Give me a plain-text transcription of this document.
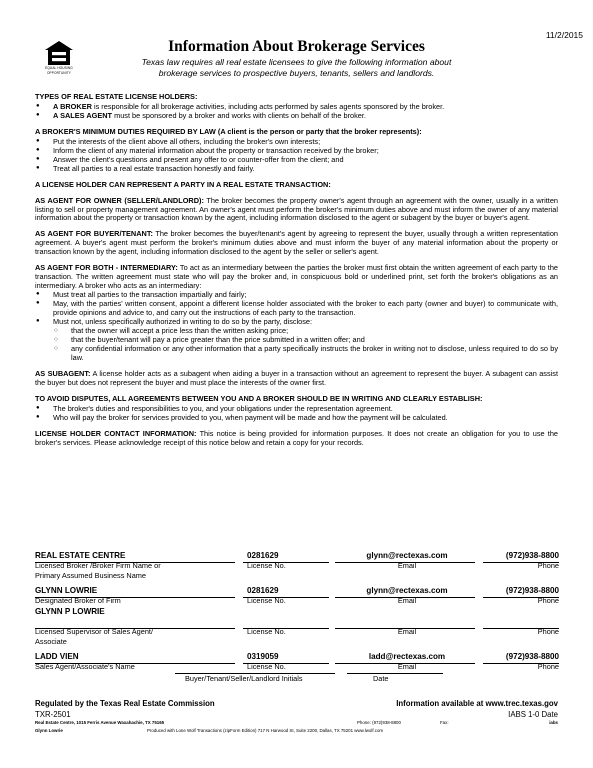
11/2/2015
EQUAL HOUSING
OPPORTUNITY
Information About Brokerage Services
Texas law requires all real estate licensees to give the following information about
brokerage services to prospective buyers, tenants, sellers and landlords.
TYPES OF REAL ESTATE LICENSE HOLDERS:
● A BROKER is responsible for all brokerage activities, including acts performed by sales agents sponsored by the broker.
● A SALES AGENT must be sponsored by a broker and works with clients on behalf of the broker.
A BROKER'S MINIMUM DUTIES REQUIRED BY LAW (A client is the person or party that the broker represents):
● Put the interests of the client above all others, including the broker's own interests;
● Inform the client of any material information about the property or transaction received by the broker;
● Answer the client's questions and present any offer to or counter-offer from the client; and
● Treat all parties to a real estate transaction honestly and fairly.
A LICENSE HOLDER CAN REPRESENT A PARTY IN A REAL ESTATE TRANSACTION:
AS AGENT FOR OWNER (SELLER/LANDLORD): The broker becomes the property owner's agent through an agreement with the owner, usually in a written listing to sell or property management agreement. An owner's agent must perform the broker's minimum duties above and must inform the owner of any material information about the property or transaction known by the agent, including information disclosed to the agent or subagent by the buyer or buyer's agent.
AS AGENT FOR BUYER/TENANT: The broker becomes the buyer/tenant's agent by agreeing to represent the buyer, usually through a written representation agreement. A buyer's agent must perform the broker's minimum duties above and must inform the buyer of any material information about the property or transaction known by the agent, including information disclosed to the agent by the seller or seller's agent.
AS AGENT FOR BOTH - INTERMEDIARY: To act as an intermediary between the parties the broker must first obtain the written agreement of each party to the transaction. The written agreement must state who will pay the broker and, in conspicuous bold or underlined print, set forth the broker's obligations as an intermediary. A broker who acts as an intermediary:
● Must treat all parties to the transaction impartially and fairly;
● May, with the parties' written consent, appoint a different license holder associated with the broker to each party (owner and buyer) to communicate with, provide opinions and advice to, and carry out the instructions of each party to the transaction.
● Must not, unless specifically authorized in writing to do so by the party, disclose:
○ that the owner will accept a price less than the written asking price;
○ that the buyer/tenant will pay a price greater than the price submitted in a written offer; and
○ any confidential information or any other information that a party specifically instructs the broker in writing not to disclose, unless required to do so by law.
AS SUBAGENT: A license holder acts as a subagent when aiding a buyer in a transaction without an agreement to represent the buyer. A subagent can assist the buyer but does not represent the buyer and must place the interests of the owner first.
TO AVOID DISPUTES, ALL AGREEMENTS BETWEEN YOU AND A BROKER SHOULD BE IN WRITING AND CLEARLY ESTABLISH:
● The broker's duties and responsibilities to you, and your obligations under the representation agreement.
● Who will pay the broker for services provided to you, when payment will be made and how the payment will be calculated.
LICENSE HOLDER CONTACT INFORMATION: This notice is being provided for information purposes. It does not create an obligation for you to use the broker's services. Please acknowledge receipt of this notice below and retain a copy for your records.
REAL ESTATE CENTRE	0281629	glynn@rectexas.com	(972)938-8800
Licensed Broker /Broker Firm Name or	License No.	Email	Phone
Primary Assumed Business Name
GLYNN LOWRIE	0281629	glynn@rectexas.com	(972)938-8800
Designated Broker of Firm	License No.	Email	Phone
GLYNN P LOWRIE
Licensed Supervisor of Sales Agent/	License No.	Email	Phone
Associate
LADD VIEN	0319059	ladd@rectexas.com	(972)938-8800
Sales Agent/Associate's Name	License No.	Email	Phone
Buyer/Tenant/Seller/Landlord Initials	Date
Regulated by the Texas Real Estate Commission	Information available at www.trec.texas.gov
TXR-2501	IABS 1-0 Date
Real Estate Centre, 1015 Ferris Avenue Waxahachie, TX 75165	Phone: (972)938-8800	Fax:	iabs
Glynn Lowrie	Produced with Lone Wolf Transactions (zipForm Edition) 717 N Harwood St, Suite 2200, Dallas, TX 75201 www.lwolf.com
